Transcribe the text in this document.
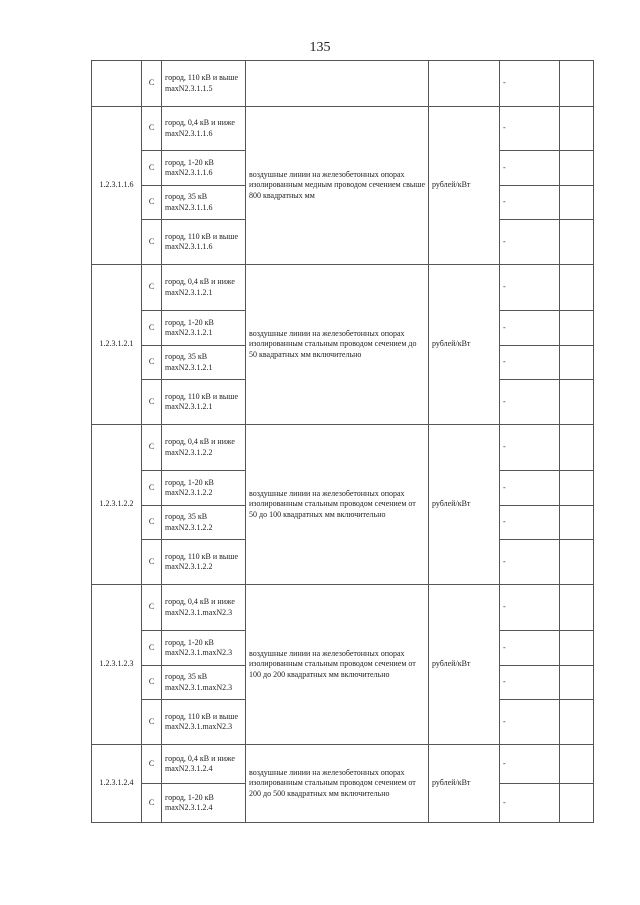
135
	С	город, 110 кВ и выше maxN2.3.1.1.5			-	
1.2.3.1.1.6	С	город, 0,4 кВ и ниже maxN2.3.1.1.6	воздушные линии на железобетонных опорах изолированным медным проводом сечением свыше 800 квадратных мм	рублей/кВт	-	
	С	город, 1-20 кВ maxN2.3.1.1.6			-	
	С	город, 35 кВ maxN2.3.1.1.6			-	
	С	город, 110 кВ и выше maxN2.3.1.1.6			-	
1.2.3.1.2.1	С	город, 0,4 кВ и ниже maxN2.3.1.2.1	воздушные линии на железобетонных опорах изолированным стальным проводом сечением до 50 квадратных мм включительно	рублей/кВт	-	
	С	город, 1-20 кВ maxN2.3.1.2.1			-	
	С	город, 35 кВ maxN2.3.1.2.1			-	
	С	город, 110 кВ и выше maxN2.3.1.2.1			-	
1.2.3.1.2.2	С	город, 0,4 кВ и ниже maxN2.3.1.2.2	воздушные линии на железобетонных опорах изолированным стальным проводом сечением от 50 до 100 квадратных мм включительно	рублей/кВт	-	
	С	город, 1-20 кВ maxN2.3.1.2.2			-	
	С	город, 35 кВ maxN2.3.1.2.2			-	
	С	город, 110 кВ и выше maxN2.3.1.2.2			-	
1.2.3.1.2.3	С	город, 0,4 кВ и ниже maxN2.3.1.maxN2.3	воздушные линии на железобетонных опорах изолированным стальным проводом сечением от 100 до 200 квадратных мм включительно	рублей/кВт	-	
	С	город, 1-20 кВ maxN2.3.1.maxN2.3			-	
	С	город, 35 кВ maxN2.3.1.maxN2.3			-	
	С	город, 110 кВ и выше maxN2.3.1.maxN2.3			-	
1.2.3.1.2.4	С	город, 0,4 кВ и ниже maxN2.3.1.2.4	воздушные линии на железобетонных опорах изолированным стальным проводом сечением от 200 до 500 квадратных мм включительно	рублей/кВт	-	
	С	город, 1-20 кВ maxN2.3.1.2.4			-	
